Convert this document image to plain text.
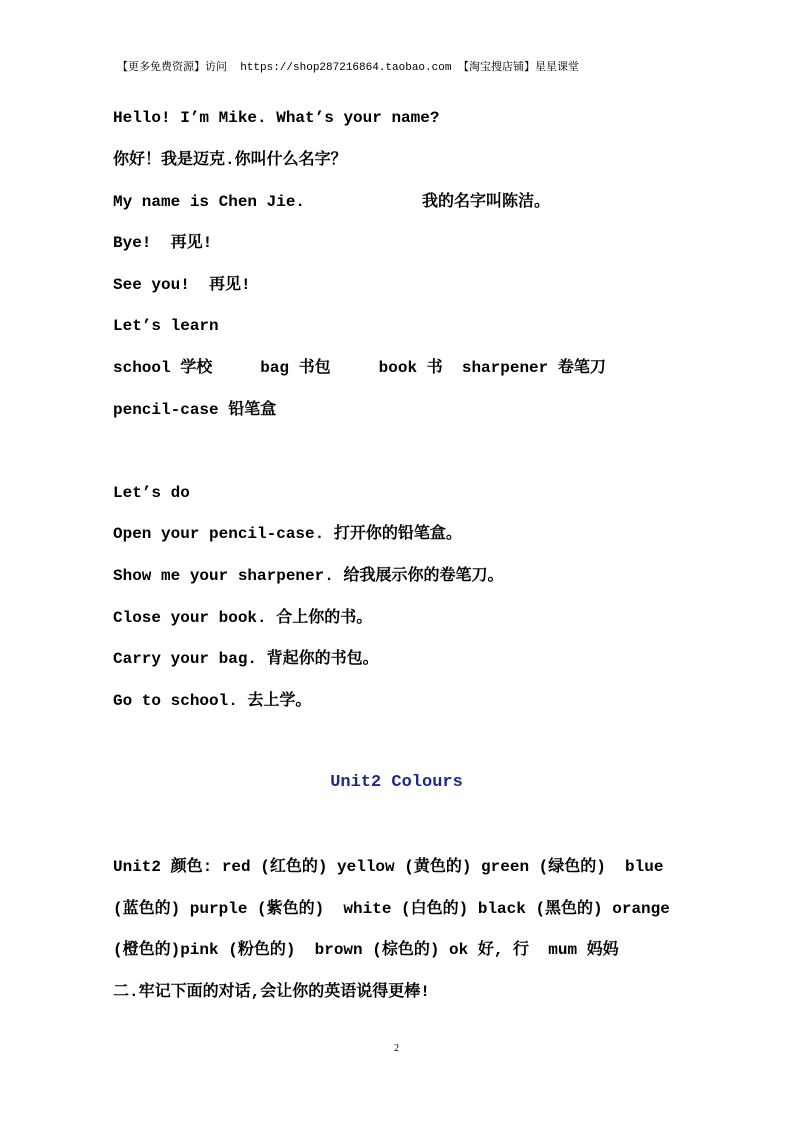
【更多免费资源】访问  https://shop287216864.taobao.com 【淘宝搜店铺】星星课堂
Hello! I’m Mike. What’s your name?
你好！我是迈克.你叫什么名字？
My name is Chen Jie.	我的名字叫陈洁。
Bye!  再见!
See you!  再见!
Let’s learn
school 学校     bag 书包     book 书  sharpener 卷笔刀
pencil-case 铅笔盒
Let’s do
Open your pencil-case. 打开你的铅笔盒。
Show me your sharpener. 给我展示你的卷笔刀。
Close your book. 合上你的书。
Carry your bag. 背起你的书包。
Go to school. 去上学。
Unit2 Colours
Unit2 颜色: red (红色的) yellow (黄色的) green (绿色的)  blue
(蓝色的) purple (紫色的)  white (白色的) black (黑色的) orange
(橙色的)pink (粉色的)  brown (棕色的) ok 好, 行  mum 妈妈
二.牢记下面的对话,会让你的英语说得更棒!
2
